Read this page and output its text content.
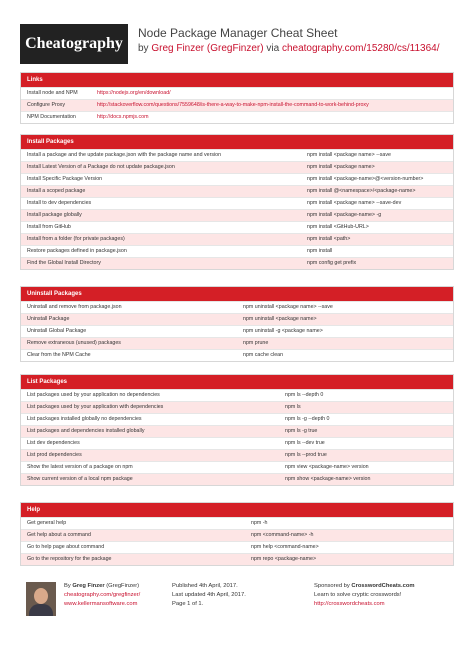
Cheatography
Node Package Manager Cheat Sheet
by Greg Finzer (GregFinzer) via cheatography.com/15280/cs/11364/
Links
Install node and NPM	https://nodejs.org/en/download/
Configure Proxy	http://stackoverflow.com/questions/7559648/is-there-a-way-to-make-npm-install-the-command-to-work-behind-proxy
NPM Documentation	http://docs.npmjs.com
Install Packages
Install a package and the update package.json with the package name and version	npm install <package name> --save
Install Latest Version of a Package do not update package.json	npm install <package name>
Install Specific Package Version	npm install <package-name>@<version-number>
Install a scoped package	npm install @<namespace>/<package-name>
Install to dev dependencies	npm install <package name> --save-dev
Install package globally	npm install <package-name> -g
Install from GitHub	npm install <GitHub-URL>
Install from a folder (for private packages)	npm install <path>
Restore packages defined in package.json	npm install
Find the Global Install Directory	npm config get prefix
Uninstall Packages
Uninstall and remove from package.json	npm uninstall <package name> --save
Uninstall Package	npm uninstall <package name>
Uninstall Global Package	npm uninstall -g <package name>
Remove extraneous (unused) packages	npm prune
Clear from the NPM Cache	npm cache clean
List Packages
List packages used by your application no dependencies	npm ls --depth 0
List packages used by your application with dependencies	npm ls
List packages installed globally no dependencies	npm ls -g --depth 0
List packages and dependencies installed globally	npm ls -g true
List dev dependencies	npm ls --dev true
List prod dependencies	npm ls --prod true
Show the latest version of a package on npm	npm view <package-name> version
Show current version of a local npm package	npm show <package-name> version
Help
Get general help	npm -h
Get help about a command	npm <command-name> -h
Go to help page about command	npm help <command-name>
Go to the repository for the package	npm repo <package-name>
By Greg Finzer (GregFinzer)
cheatography.com/gregfinzer/
www.kellermansoftware.com
Published 4th April, 2017.
Last updated 4th April, 2017.
Page 1 of 1.
Sponsored by CrosswordCheats.com
Learn to solve cryptic crosswords!
http://crosswordcheats.com
